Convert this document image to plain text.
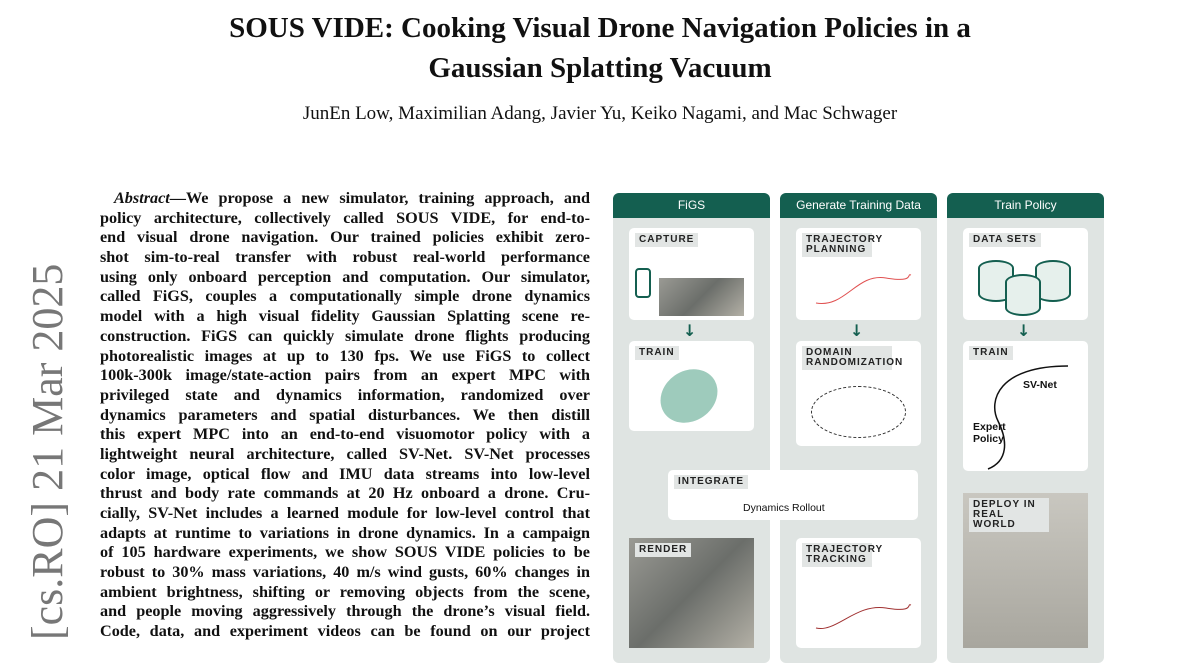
SOUS VIDE: Cooking Visual Drone Navigation Policies in a
Gaussian Splatting Vacuum
JunEn Low, Maximilian Adang, Javier Yu, Keiko Nagami, and Mac Schwager
[cs.RO] 21 Mar 2025
Abstract—We propose a new simulator, training approach, and
policy architecture, collectively called SOUS VIDE, for end-to-
end visual drone navigation. Our trained policies exhibit zero-
shot sim-to-real transfer with robust real-world performance
using only onboard perception and computation. Our simulator,
called FiGS, couples a computationally simple drone dynamics
model with a high visual fidelity Gaussian Splatting scene re-
construction. FiGS can quickly simulate drone flights producing
photorealistic images at up to 130 fps. We use FiGS to collect
100k-300k image/state-action pairs from an expert MPC with
privileged state and dynamics information, randomized over
dynamics parameters and spatial disturbances. We then distill
this expert MPC into an end-to-end visuomotor policy with a
lightweight neural architecture, called SV-Net. SV-Net processes
color image, optical flow and IMU data streams into low-level
thrust and body rate commands at 20 Hz onboard a drone. Cru-
cially, SV-Net includes a learned module for low-level control that
adapts at runtime to variations in drone dynamics. In a campaign
of 105 hardware experiments, we show SOUS VIDE policies to be
robust to 30% mass variations, 40 m/s wind gusts, 60% changes in
ambient brightness, shifting or removing objects from the scene,
and people moving aggressively through the drone’s visual field.
Code, data, and experiment videos can be found on our project
FiGS
CAPTURE
↓
TRAIN
RENDER
Generate Training Data
TRAJECTORY PLANNING
↓
DOMAIN RANDOMIZATION
TRAJECTORY TRACKING
INTEGRATE
Dynamics Rollout
Train Policy
DATA SETS
↓
TRAIN
SV-Net
Expert Policy
DEPLOY IN REAL WORLD
